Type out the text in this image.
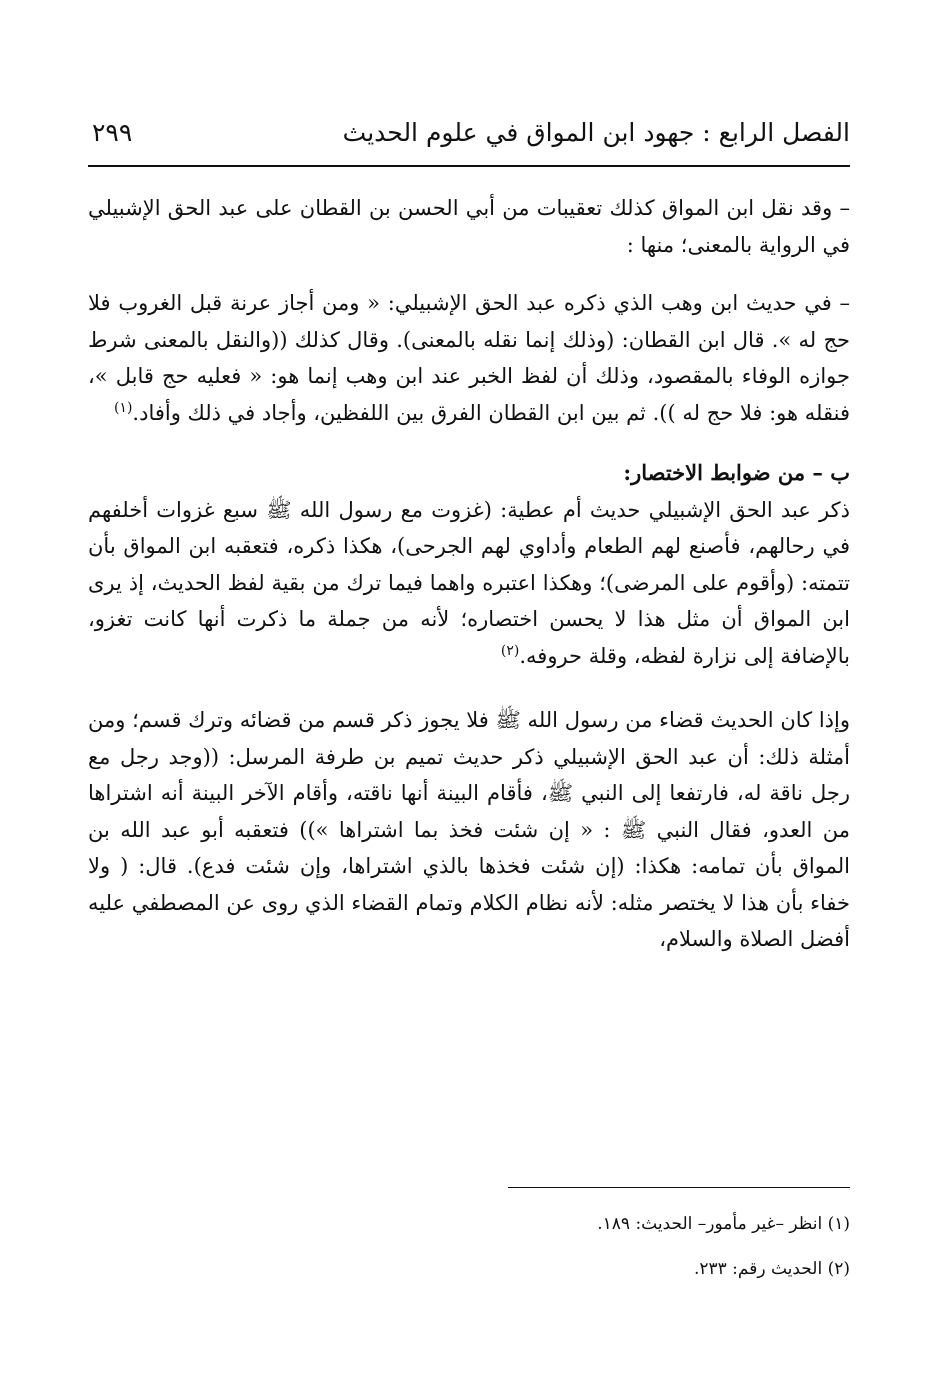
الفصل الرابع : جهود ابن المواق في علوم الحديث
٢٩٩

– وقد نقل ابن المواق كذلك تعقيبات من أبي الحسن بن القطان على عبد الحق الإشبيلي في الرواية بالمعنى؛ منها :

– في حديث ابن وهب الذي ذكره عبد الحق الإشبيلي: « ومن أجاز عرنة قبل الغروب فلا حج له ». قال ابن القطان: (وذلك إنما نقله بالمعنى). وقال كذلك ((والنقل بالمعنى شرط جوازه الوفاء بالمقصود، وذلك أن لفظ الخبر عند ابن وهب إنما هو: « فعليه حج قابل »، فنقله هو: فلا حج له )). ثم بين ابن القطان الفرق بين اللفظين، وأجاد في ذلك وأفاد.$^{(١)}$

ب – من ضوابط الاختصار:

ذكر عبد الحق الإشبيلي حديث أم عطية: (غزوت مع رسول الله ﷺ سبع غزوات أخلفهم في رحالهم، فأصنع لهم الطعام وأداوي لهم الجرحى)، هكذا ذكره، فتعقبه ابن المواق بأن تتمته: (وأقوم على المرضى)؛ وهكذا اعتبره واهما فيما ترك من بقية لفظ الحديث، إذ يرى ابن المواق أن مثل هذا لا يحسن اختصاره؛ لأنه من جملة ما ذكرت أنها كانت تغزو، بالإضافة إلى نزارة لفظه، وقلة حروفه.$^{(٢)}$

وإذا كان الحديث قضاء من رسول الله ﷺ فلا يجوز ذكر قسم من قضائه وترك قسم؛ ومن أمثلة ذلك: أن عبد الحق الإشبيلي ذكر حديث تميم بن طرفة المرسل: ((وجد رجل مع رجل ناقة له، فارتفعا إلى النبي ﷺ، فأقام البينة أنها ناقته، وأقام الآخر البينة أنه اشتراها من العدو، فقال النبي ﷺ : « إن شئت فخذ بما اشتراها »)) فتعقبه أبو عبد الله بن المواق بأن تمامه: هكذا: (إن شئت فخذها بالذي اشتراها، وإن شئت فدع). قال: ( ولا خفاء بأن هذا لا يختصر مثله: لأنه نظام الكلام وتمام القضاء الذي روى عن المصطفي عليه أفضل الصلاة والسلام،

(١) انظر –غير مأمور– الحديث: ١٨٩.

(٢) الحديث رقم: ٢٣٣.
